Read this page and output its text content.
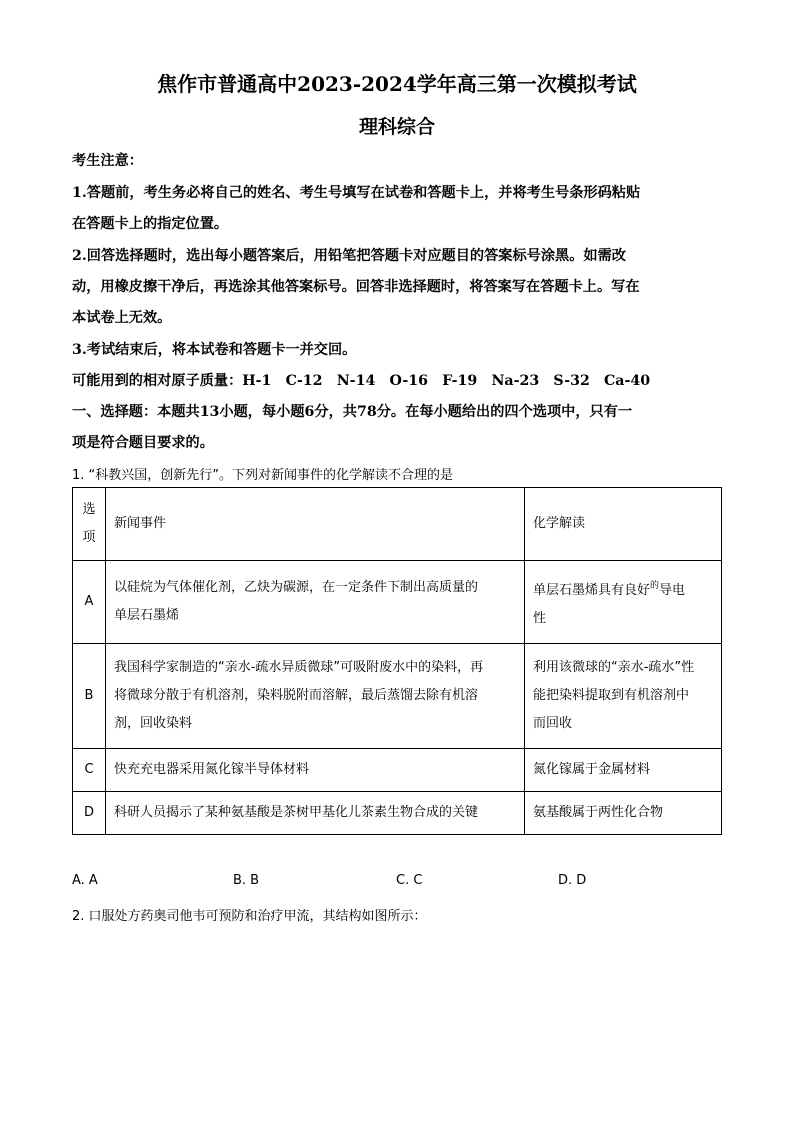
焦作市普通高中2023-2024学年高三第一次模拟考试
理科综合
考生注意：
1.答题前，考生务必将自己的姓名、考生号填写在试卷和答题卡上，并将考生号条形码粘贴
在答题卡上的指定位置。
2.回答选择题时，选出每小题答案后，用铅笔把答题卡对应题目的答案标号涂黑。如需改
动，用橡皮擦干净后，再选涂其他答案标号。回答非选择题时，将答案写在答题卡上。写在
本试卷上无效。
3.考试结束后，将本试卷和答题卡一并交回。
可能用到的相对原子质量：H-1　C-12　N-14　O-16　F-19　Na-23　S-32　Ca-40
一、选择题：本题共13小题，每小题6分，共78分。在每小题给出的四个选项中，只有一
项是符合题目要求的。
1. “科教兴国，创新先行”。下列对新闻事件的化学解读不合理的是
选
项	新闻事件	化学解读
A	以硅烷为气体催化剂，乙炔为碳源，在一定条件下制出高质量的
单层石墨烯	单层石墨烯具有良好$^的$导电
性
B	我国科学家制造的“亲水-疏水异质微球”可吸附废水中的染料，再
将微球分散于有机溶剂，染料脱附而溶解，最后蒸馏去除有机溶
剂，回收染料	利用该微球的“亲水-疏水”性
能把染料提取到有机溶剂中
而回收
C	快充充电器采用氮化镓半导体材料	氮化镓属于金属材料
D	科研人员揭示了某种氨基酸是茶树甲基化儿茶素生物合成的关键	氨基酸属于两性化合物
A. A	B. B	C. C	D. D
2. 口服处方药奥司他韦可预防和治疗甲流，其结构如图所示：
